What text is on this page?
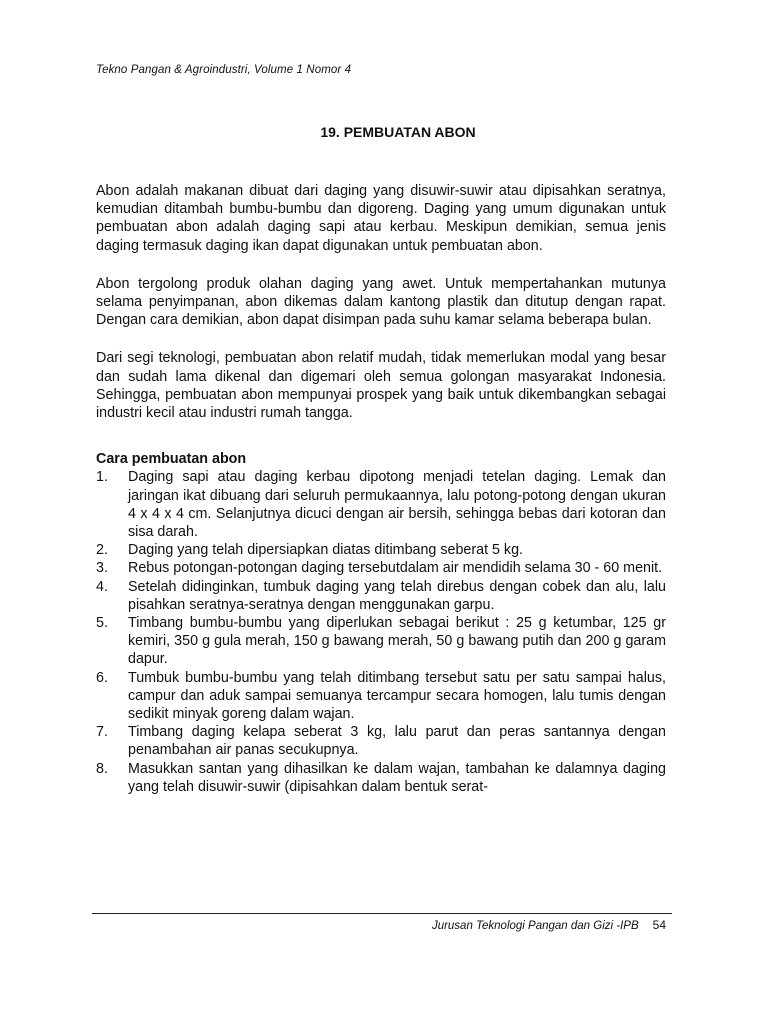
Tekno Pangan & Agroindustri, Volume 1 Nomor 4
19. PEMBUATAN ABON

Abon adalah makanan dibuat dari daging yang disuwir-suwir atau dipisahkan seratnya, kemudian ditambah bumbu-bumbu dan digoreng. Daging yang umum digunakan untuk pembuatan abon adalah daging sapi atau kerbau. Meskipun demikian, semua jenis daging termasuk daging ikan dapat digunakan untuk pembuatan abon.

Abon tergolong produk olahan daging yang awet. Untuk mempertahankan mutunya selama penyimpanan, abon dikemas dalam kantong plastik dan ditutup dengan rapat. Dengan cara demikian, abon dapat disimpan pada suhu kamar selama beberapa bulan.

Dari segi teknologi, pembuatan abon relatif mudah, tidak memerlukan modal yang besar dan sudah lama dikenal dan digemari oleh semua golongan masyarakat Indonesia. Sehingga, pembuatan abon mempunyai prospek yang baik untuk dikembangkan sebagai industri kecil atau industri rumah tangga.

Cara pembuatan abon
1.	Daging sapi atau daging kerbau dipotong menjadi tetelan daging. Lemak dan jaringan ikat dibuang dari seluruh permukaannya, lalu potong-potong dengan ukuran 4 x 4 x 4 cm. Selanjutnya dicuci dengan air bersih, sehingga bebas dari kotoran dan sisa darah.
2.	Daging yang telah dipersiapkan diatas ditimbang seberat 5 kg.
3.	Rebus potongan-potongan daging tersebutdalam air mendidih selama 30 - 60 menit.
4.	Setelah didinginkan, tumbuk daging yang telah direbus dengan cobek dan alu, lalu pisahkan seratnya-seratnya dengan menggunakan garpu.
5.	Timbang bumbu-bumbu yang diperlukan sebagai berikut : 25 g ketumbar, 125 gr kemiri, 350 g gula merah, 150 g bawang merah, 50 g bawang putih dan 200 g garam dapur.
6.	Tumbuk bumbu-bumbu yang telah ditimbang tersebut satu per satu sampai halus, campur dan aduk sampai semuanya tercampur secara homogen, lalu tumis dengan sedikit minyak goreng dalam wajan.
7.	Timbang daging kelapa seberat 3 kg, lalu parut dan peras santannya dengan penambahan air panas secukupnya.
8.	Masukkan santan yang dihasilkan ke dalam wajan, tambahan ke dalamnya daging yang telah disuwir-suwir (dipisahkan dalam bentuk serat-
Jurusan Teknologi Pangan dan Gizi -IPB 54
